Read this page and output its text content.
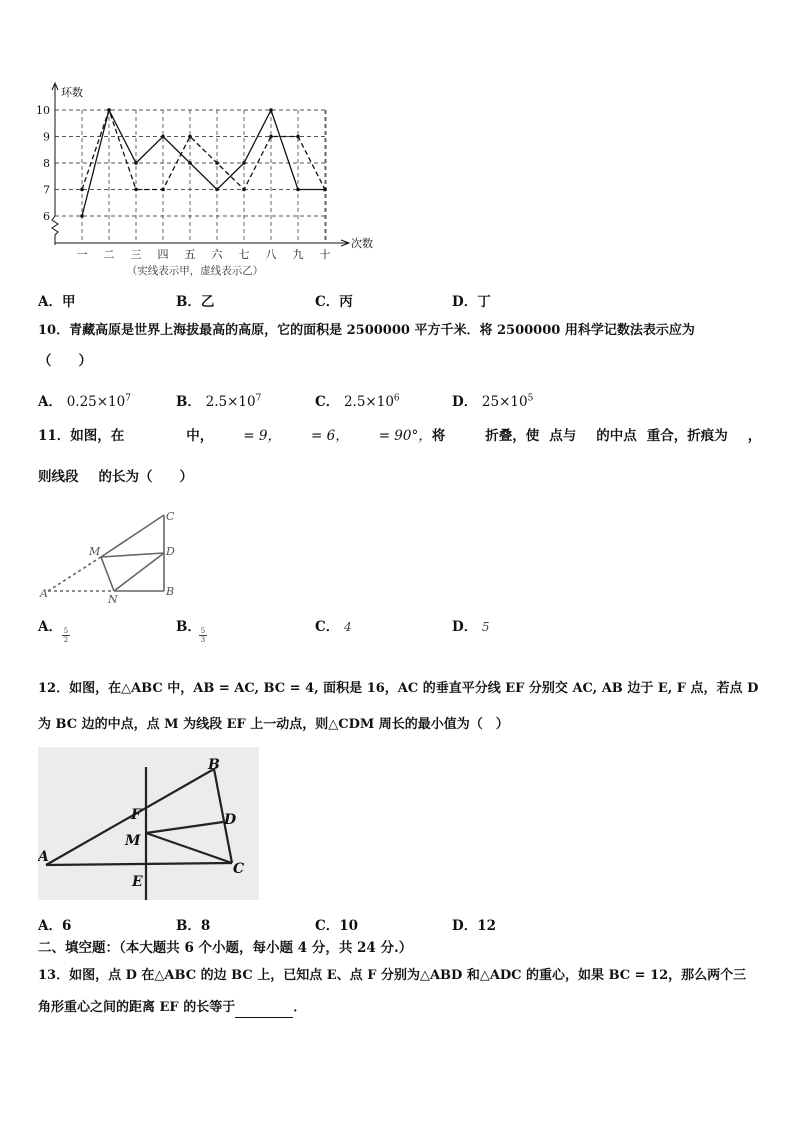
6
7
8
9
10
一 二 三 四 五 六 七 八 九 十
环数
次数
（实线表示甲，虚线表示乙）
A．甲	B．乙	C．丙	D．丁
10．青藏高原是世界上海拔最高的高原，它的面积是 2500000 平方千米．将 2500000 用科学记数法表示应为
（　　）
A． $0.25\times 10^7$	B． $2.5\times 10^7$	C． $2.5\times 10^6$	D． $25\times 10^5$
11．如图，在	中， = 9， = 6， = 90°，将	折叠，使 点与 的中点 重合，折痕为 ，
则线段 的长为（　　）
C
M	D
A	N
B
A． $\frac{5}{2}$	B．
$\frac{5}{3}$	C． 4	D． 5
12．如图，在△ABC 中，AB = AC, BC = 4, 面积是 16，AC 的垂直平分线 EF 分别交 AC, AB 边于 E, F 点，若点 D
为 BC 边的中点，点 M 为线段 EF 上一动点，则△CDM 周长的最小值为（　）
B
F	D
M
A
C
E
A．6	B．8	C．10	D．12
二、填空题：（本大题共 6 个小题，每小题 4 分，共 24 分.）
13．如图，点 D 在△ABC 的边 BC 上，已知点 E、点 F 分别为△ABD 和△ADC 的重心，如果 BC = 12，那么两个三
角形重心之间的距离 EF 的长等于	．
